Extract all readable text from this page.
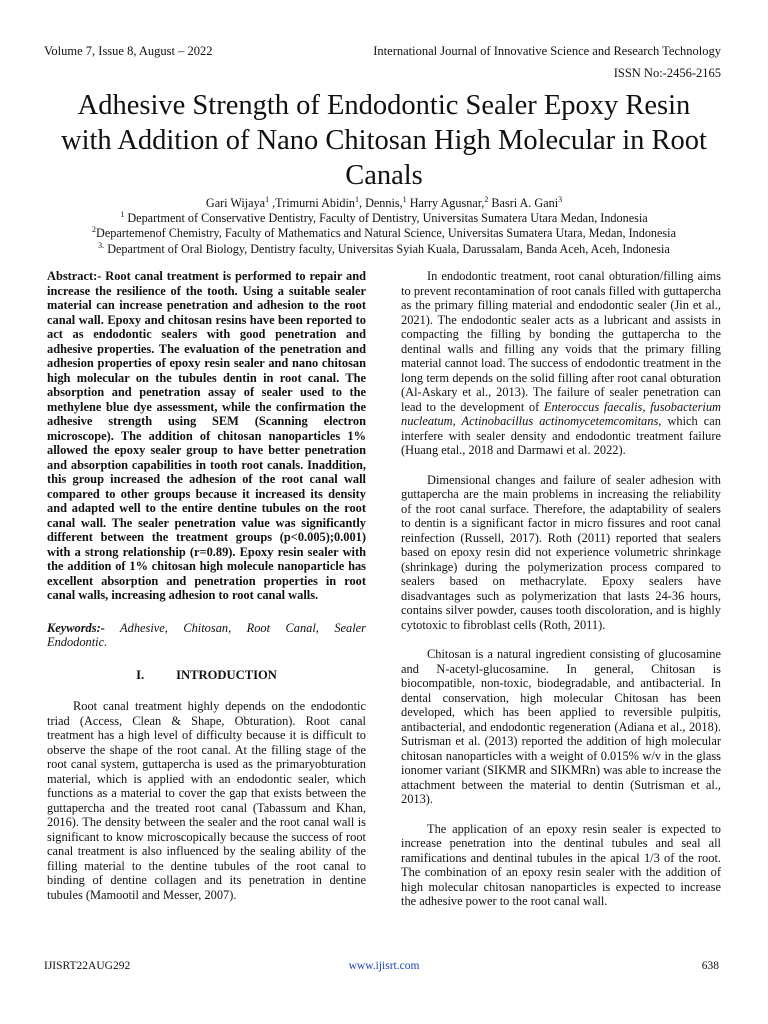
Volume 7, Issue 8, August – 2022	International Journal of Innovative Science and Research Technology
ISSN No:-2456-2165
Adhesive Strength of Endodontic Sealer Epoxy Resin with Addition of Nano Chitosan High Molecular in Root Canals
Gari Wijaya$^1$ ,Trimurni Abidin$^1$, Dennis,$^1$ Harry Agusnar,$^2$ Basri A. Gani$^3$
$^1$ Department of Conservative Dentistry, Faculty of Dentistry, Universitas Sumatera Utara Medan, Indonesia
$^2$Departemenof Chemistry, Faculty of Mathematics and Natural Science, Universitas Sumatera Utara, Medan, Indonesia
$^{3.}$ Department of Oral Biology, Dentistry faculty, Universitas Syiah Kuala, Darussalam, Banda Aceh, Aceh, Indonesia

Abstract:- Root canal treatment is performed to repair and increase the resilience of the tooth. Using a suitable sealer material can increase penetration and adhesion to the root canal wall. Epoxy and chitosan resins have been reported to act as endodontic sealers with good penetration and adhesive properties. The evaluation of the penetration and adhesion properties of epoxy resin sealer and nano chitosan high molecular on the tubules dentin in root canal. The absorption and penetration assay of sealer used to the methylene blue dye assessment, while the confirmation the adhesive strength using SEM (Scanning electron microscope). The addition of chitosan nanoparticles 1% allowed the epoxy sealer group to have better penetration and absorption capabilities in tooth root canals. Inaddition, this group increased the adhesion of the root canal wall compared to other groups because it increased its density and adapted well to the entire dentine tubules on the root canal wall. The sealer penetration value was significantly different between the treatment groups (p<0.005);0.001) with a strong relationship (r=0.89). Epoxy resin sealer with the addition of 1% chitosan high molecule nanoparticle has excellent absorption and penetration properties in root canal walls, increasing adhesion to root canal walls.

Keywords:- Adhesive, Chitosan, Root Canal, Sealer Endodontic.

I.	INTRODUCTION

Root canal treatment highly depends on the endodontic triad (Access, Clean & Shape, Obturation). Root canal treatment has a high level of difficulty because it is difficult to observe the shape of the root canal. At the filling stage of the root canal system, guttapercha is used as the primaryobturation material, which is applied with an endodontic sealer, which functions as a material to cover the gap that exists between the guttapercha and the treated root canal (Tabassum and Khan, 2016). The density between the sealer and the root canal wall is significant to know microscopically because the success of root canal treatment is also influenced by the sealing ability of the filling material to the dentine tubules of the root canal to binding of dentine collagen and its penetration in dentine tubules (Mamootil and Messer, 2007).

In endodontic treatment, root canal obturation/filling aims to prevent recontamination of root canals filled with guttapercha as the primary filling material and endodontic sealer (Jin et al., 2021). The endodontic sealer acts as a lubricant and assists in compacting the filling by bonding the guttapercha to the dentinal walls and filling any voids that the primary filling material cannot load. The success of endodontic treatment in the long term depends on the solid filling after root canal obturation (Al-Askary et al., 2013). The failure of sealer penetration can lead to the development of Enteroccus faecalis, fusobacterium nucleatum, Actinobacillus actinomycetemcomitans, which can interfere with sealer density and endodontic treatment failure (Huang etal., 2018 and Darmawi et al. 2022).

Dimensional changes and failure of sealer adhesion with guttapercha are the main problems in increasing the reliability of the root canal surface. Therefore, the adaptability of sealers to dentin is a significant factor in micro fissures and root canal reinfection (Russell, 2017). Roth (2011) reported that sealers based on epoxy resin did not experience volumetric shrinkage (shrinkage) during the polymerization process compared to sealers based on methacrylate. Epoxy sealers have disadvantages such as polymerization that lasts 24-36 hours, contains silver powder, causes tooth discoloration, and is highly cytotoxic to fibroblast cells (Roth, 2011).

Chitosan is a natural ingredient consisting of glucosamine and N-acetyl-glucosamine. In general, Chitosan is biocompatible, non-toxic, biodegradable, and antibacterial. In dental conservation, high molecular Chitosan has been developed, which has been applied to reversible pulpitis, antibacterial, and endodontic regeneration (Adiana et al., 2018). Sutrisman et al. (2013) reported the addition of high molecular chitosan nanoparticles with a weight of 0.015% w/v in the glass ionomer variant (SIKMR and SIKMRn) was able to increase the attachment between the material to dentin (Sutrisman et al., 2013).

The application of an epoxy resin sealer is expected to increase penetration into the dentinal tubules and seal all ramifications and dentinal tubules in the apical 1/3 of the root. The combination of an epoxy resin sealer with the addition of high molecular chitosan nanoparticles is expected to increase the adhesive power to the root canal wall.

IJISRT22AUG292	www.ijisrt.com	638
